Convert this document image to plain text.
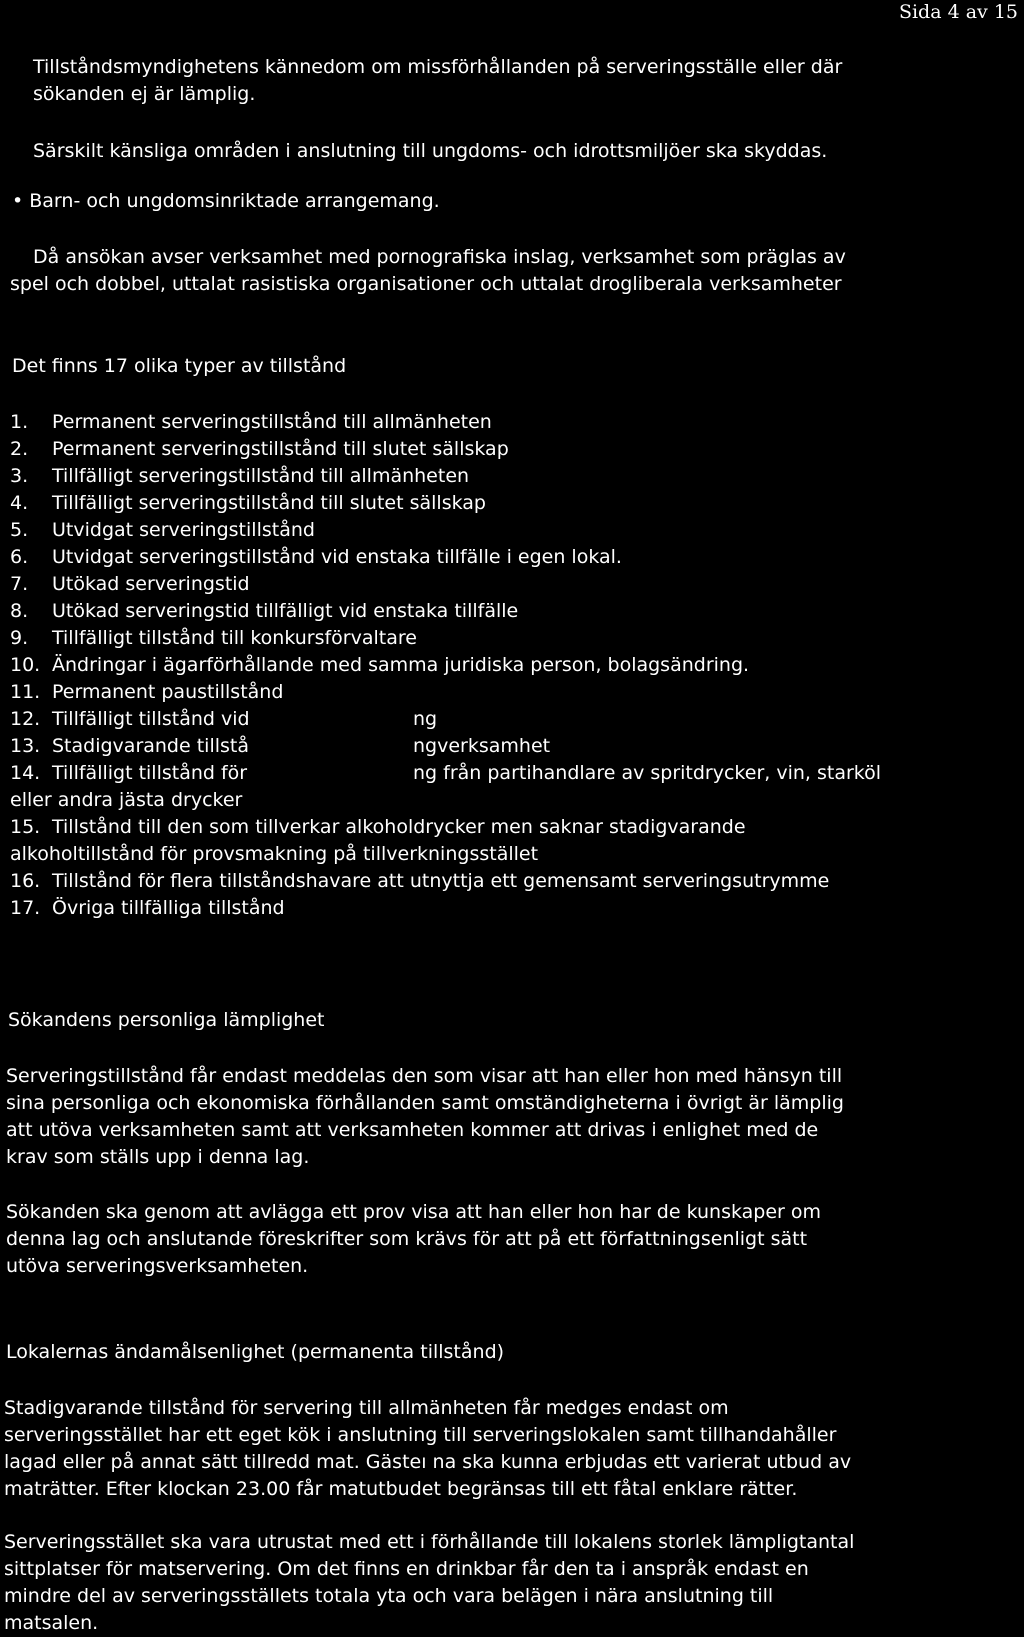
Sida 4 av 15
Tillståndsmyndighetens kännedom om missförhållanden på serveringsställe eller där
sökanden ej är lämplig.
Särskilt känsliga områden i anslutning till ungdoms- och idrottsmiljöer ska skyddas.
• Barn- och ungdomsinriktade arrangemang.
Då ansökan avser verksamhet med pornografiska inslag, verksamhet som präglas av
spel och dobbel, uttalat rasistiska organisationer och uttalat drogliberala verksamheter
Det finns 17 olika typer av tillstånd
1.	Permanent serveringstillstånd till allmänheten
2.	Permanent serveringstillstånd till slutet sällskap
3.	Tillfälligt serveringstillstånd till allmänheten
4.	Tillfälligt serveringstillstånd till slutet sällskap
5.	Utvidgat serveringstillstånd
6.	Utvidgat serveringstillstånd vid enstaka tillfälle i egen lokal.
7.	Utökad serveringstid
8.	Utökad serveringstid tillfälligt vid enstaka tillfälle
9.	Tillfälligt tillstånd till konkursförvaltare
10. Ändringar i ägarförhållande med samma juridiska person, bolagsändring.
11. Permanent paustillstånd
12. Tillfälligt tillstånd vid	ng
13. Stadigvarande tillstå	ngverksamhet
14. Tillfälligt tillstånd för	ng från partihandlare av spritdrycker, vin, starköl
eller andra jästa drycker
15. Tillstånd till den som tillverkar alkoholdrycker men saknar stadigvarande
alkoholtillstånd för provsmakning på tillverkningsstället
16. Tillstånd för flera tillståndshavare att utnyttja ett gemensamt serveringsutrymme
17. Övriga tillfälliga tillstånd
Sökandens personliga lämplighet
Serveringstillstånd får endast meddelas den som visar att han eller hon med hänsyn till
sina personliga och ekonomiska förhållanden samt omständigheterna i övrigt är lämplig
att utöva verksamheten samt att verksamheten kommer att drivas i enlighet med de
krav som ställs upp i denna lag.
Sökanden ska genom att avlägga ett prov visa att han eller hon har de kunskaper om
denna lag och anslutande föreskrifter som krävs för att på ett författningsenligt sätt
utöva serveringsverksamheten.
Lokalernas ändamålsenlighet (permanenta tillstånd)
Stadigvarande tillstånd för servering till allmänheten får medges endast om
serveringsstället har ett eget kök i anslutning till serveringslokalen samt tillhandahåller
lagad eller på annat sätt tillredd mat. Gästeı na ska kunna erbjudas ett varierat utbud av
maträtter. Efter klockan 23.00 får matutbudet begränsas till ett fåtal enklare rätter.
Serveringsstället ska vara utrustat med ett i förhållande till lokalens storlek lämpligtantal
sittplatser för matservering. Om det finns en drinkbar får den ta i anspråk endast en
mindre del av serveringsställets totala yta och vara belägen i nära anslutning till
matsalen.
